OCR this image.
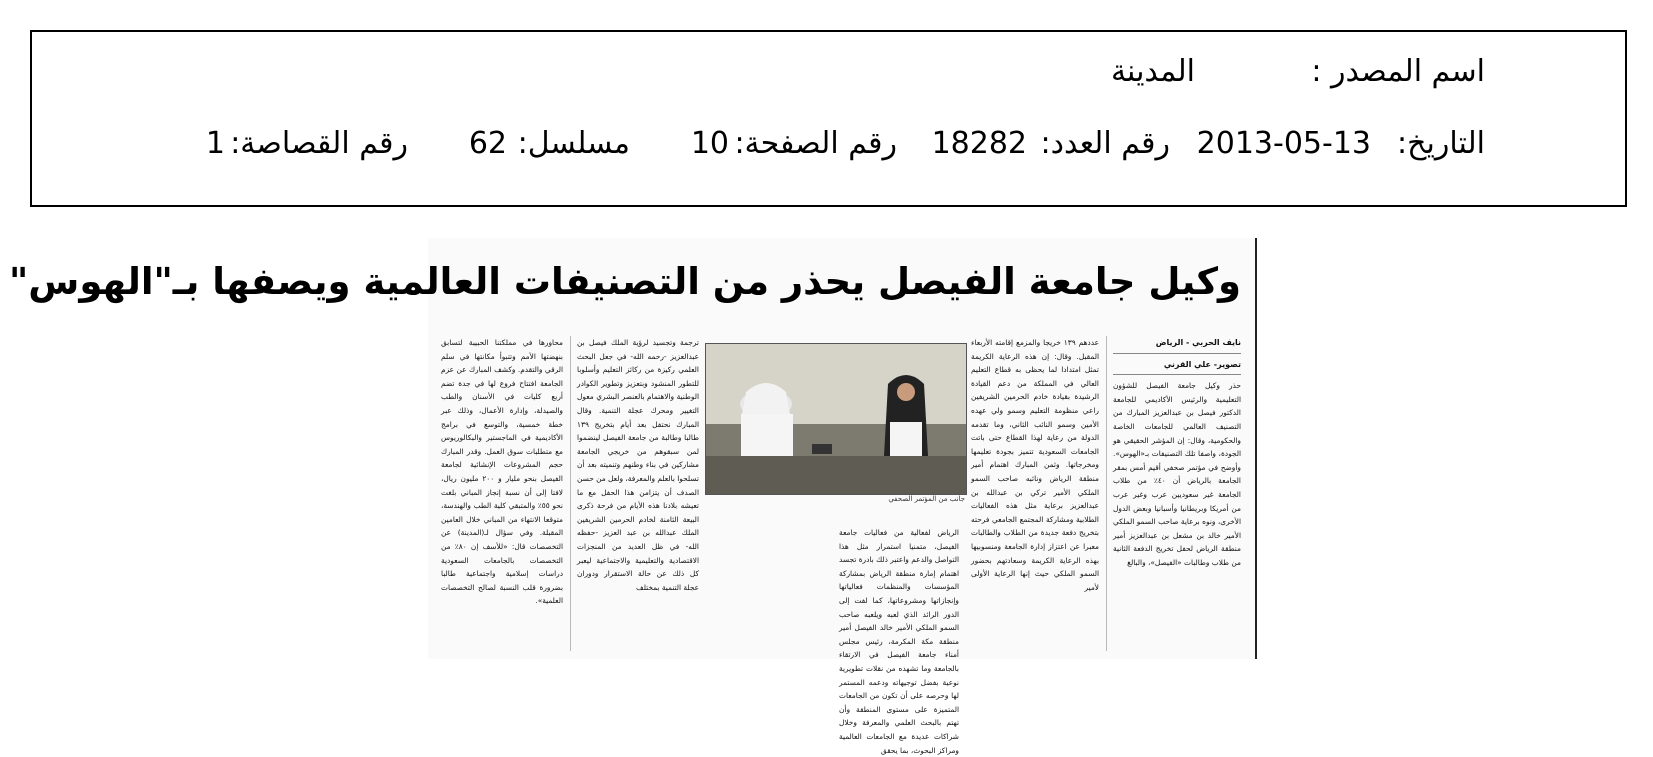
اسم المصدر :
المدينة
التاريخ:
2013-05-13
رقم العدد:
18282
رقم الصفحة:
10
مسلسل:
62
رقم القصاصة:
1
وكيل جامعة الفيصل يحذر من التصنيفات العالمية ويصفها بـ"الهوس"
نايف الحربي - الرياض
تصوير- علي القرني
حذر وكيل جامعة الفيصل للشؤون التعليمية والرئيس الأكاديمي للجامعة الدكتور فيصل بن عبدالعزيز المبارك من التصنيف العالمي للجامعات الخاصة والحكومية، وقال: إن المؤشر الحقيقي هو الجودة، واصفا تلك التصنيفات بـ«الهوس». وأوضح في مؤتمر صحفي أقيم أمس بمقر الجامعة بالرياض أن ٤٠٪ من طلاب الجامعة غير سعوديين عرب وغير عرب من أمريكا وبريطانيا وأسبانيا وبعض الدول الأخرى، ونوه برعاية صاحب السمو الملكي الأمير خالد بن مشعل بن عبدالعزيز أمير منطقة الرياض لحفل تخريج الدفعة الثانية من طلاب وطالبات «الفيصل»، والبالغ
عددهم ١٣٩ خريجا والمزمع إقامته الأربعاء المقبل. وقال: إن هذه الرعاية الكريمة تمثل امتدادا لما يحظى به قطاع التعليم العالي في المملكة من دعم القيادة الرشيدة بقيادة خادم الحرمين الشريفين راعي منظومة التعليم وسمو ولي عهده الأمين وسمو النائب الثاني، وما تقدمه الدولة من رعاية لهذا القطاع حتى باتت الجامعات السعودية تتميز بجودة تعليمها ومخرجاتها. وثمن المبارك اهتمام أمير منطقة الرياض ونائبه صاحب السمو الملكي الأمير تركي بن عبدالله بن عبدالعزيز برعاية مثل هذه الفعاليات الطلابية ومشاركة المجتمع الجامعي فرحته بتخريج دفعة جديدة من الطلاب والطالبات معبرا عن اعتزاز إدارة الجامعة ومنسوبيها بهذه الرعاية الكريمة وسعادتهم بحضور السمو الملكي حيث إنها الرعاية الأولى لأمير
جانب من المؤتمر الصحفي
الرياض لفعالية من فعاليات جامعة الفيصل، متمنيا استمرار مثل هذا التواصل والدعم واعتبر ذلك بادرة تجسد اهتمام إمارة منطقة الرياض بمشاركة المؤسسات والمنظمات فعالياتها وإنجازاتها ومشروعاتها، كما لفت إلى الدور الرائد الذي لعبه ويلعبه صاحب السمو الملكي الأمير خالد الفيصل أمير منطقة مكة المكرمة، رئيس مجلس أمناء جامعة الفيصل في الارتقاء بالجامعة وما تشهده من نقلات تطويرية نوعية بفضل توجيهاته ودعمه المستمر لها وحرصه على أن تكون من الجامعات المتميزة على مستوى المنطقة وأن تهتم بالبحث العلمي والمعرفة وخلال شراكات عديدة مع الجامعات العالمية ومراكز البحوث، بما يحقق
ترجمة وتجسيد لرؤية الملك فيصل بن عبدالعزيز -رحمه الله- في جعل البحث العلمي ركيزة من ركائز التعليم وأسلوبا للتطور المنشود وبتعزيز وتطوير الكوادر الوطنية والاهتمام بالعنصر البشري معول التغيير ومحرك عجلة التنمية. وقال المبارك نحتفل بعد أيام بتخريج ١٣٩ طالبا وطالبة من جامعة الفيصل لينضموا لمن سبقوهم من خريجي الجامعة مشاركين في بناء وطنهم وتنميته بعد أن تسلحوا بالعلم والمعرفة، ولعل من حسن الصدف أن يتزامن هذا الحفل مع ما تعيشه بلادنا هذه الأيام من فرحة ذكرى البيعة الثامنة لخادم الحرمين الشريفين الملك عبدالله بن عبد العزيز -حفظه الله- في ظل العديد من المنجزات الاقتصادية والتعليمية والاجتماعية ليعبر كل ذلك عن حالة الاستقرار ودوران عجلة التنمية بمختلف
محاورها في مملكتنا الحبيبة لتسابق بنهضتها الأمم وتتبوأ مكانتها في سلم الرقي والتقدم. وكشف المبارك عن عزم الجامعة افتتاح فروع لها في جدة تضم أربع كليات في الأسنان والطب والصيدلة، وإدارة الأعمال، وذلك عبر خطة خمسية، والتوسع في برامج الأكاديمية في الماجستير والبكالوريوس مع متطلبات سوق العمل. وقدر المبارك حجم المشروعات الإنشائية لجامعة الفيصل بنحو مليار و ٢٠٠ مليون ريال، لافتا إلى أن نسبة إنجاز المباني بلغت نحو ٥٥٪ والمتبقي كلية الطب والهندسة، متوقعا الانتهاء من المباني خلال العامين المقبلة. وفي سؤال لـ(المدينة) عن التخصصات قال: «للأسف إن ٨٠٪ من التخصصات بالجامعات السعودية دراسات إسلامية واجتماعية طالبا بضرورة قلب النسبة لصالح التخصصات العلمية».
